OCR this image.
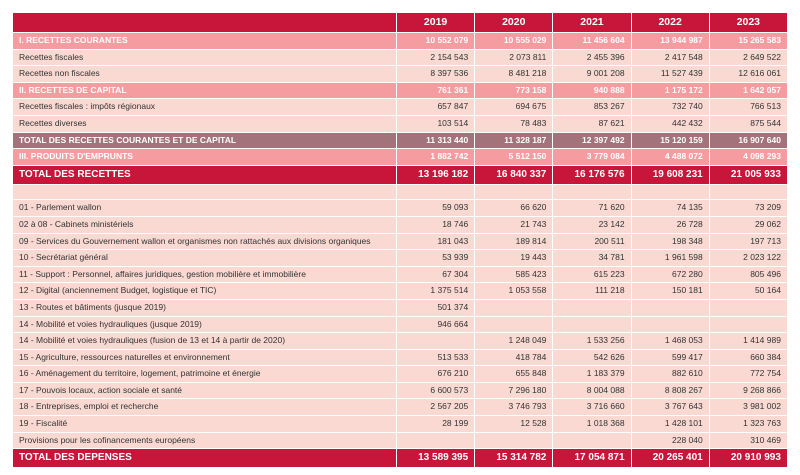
	2019	2020	2021	2022	2023
I. RECETTES COURANTES	10 552 079	10 555 029	11 456 604	13 944 987	15 265 583
Recettes fiscales	2 154 543	2 073 811	2 455 396	2 417 548	2 649 522
Recettes non fiscales	8 397 536	8 481 218	9 001 208	11 527 439	12 616 061
II. RECETTES DE CAPITAL	761 361	773 158	940 888	1 175 172	1 642 057
Recettes fiscales : impôts régionaux	657 847	694 675	853 267	732 740	766 513
Recettes diverses	103 514	78 483	87 621	442 432	875 544
TOTAL DES RECETTES COURANTES ET DE CAPITAL	11 313 440	11 328 187	12 397 492	15 120 159	16 907 640
III. PRODUITS D'EMPRUNTS	1 882 742	5 512 150	3 779 084	4 488 072	4 098 293
TOTAL DES RECETTES	13 196 182	16 840 337	16 176 576	19 608 231	21 005 933

01 - Parlement wallon	59 093	66 620	71 620	74 135	73 209
02 à 08 - Cabinets ministériels	18 746	21 743	23 142	26 728	29 062
09 - Services du Gouvernement wallon et organismes non rattachés aux divisions organiques	181 043	189 814	200 511	198 348	197 713
10 - Secrétariat général	53 939	19 443	34 781	1 961 598	2 023 122
11 - Support : Personnel, affaires juridiques, gestion mobilière et immobilière	67 304	585 423	615 223	672 280	805 496
12 - Digital (anciennement Budget, logistique et TIC)	1 375 514	1 053 558	111 218	150 181	50 164
13 - Routes et bâtiments (jusque 2019)	501 374				
14 - Mobilité et voies hydrauliques (jusque 2019)	946 664				
14 - Mobilité et voies hydrauliques (fusion de 13 et 14 à partir de 2020)		1 248 049	1 533 256	1 468 053	1 414 989
15 - Agriculture, ressources naturelles et environnement	513 533	418 784	542 626	599 417	660 384
16 - Aménagement du territoire, logement, patrimoine et énergie	676 210	655 848	1 183 379	882 610	772 754
17 - Pouvois locaux, action sociale et santé	6 600 573	7 296 180	8 004 088	8 808 267	9 268 866
18 - Entreprises, emploi et recherche	2 567 205	3 746 793	3 716 660	3 767 643	3 981 002
19 - Fiscalité	28 199	12 528	1 018 368	1 428 101	1 323 763
Provisions pour les cofinancements européens				228 040	310 469
TOTAL DES DEPENSES	13 589 395	15 314 782	17 054 871	20 265 401	20 910 993
